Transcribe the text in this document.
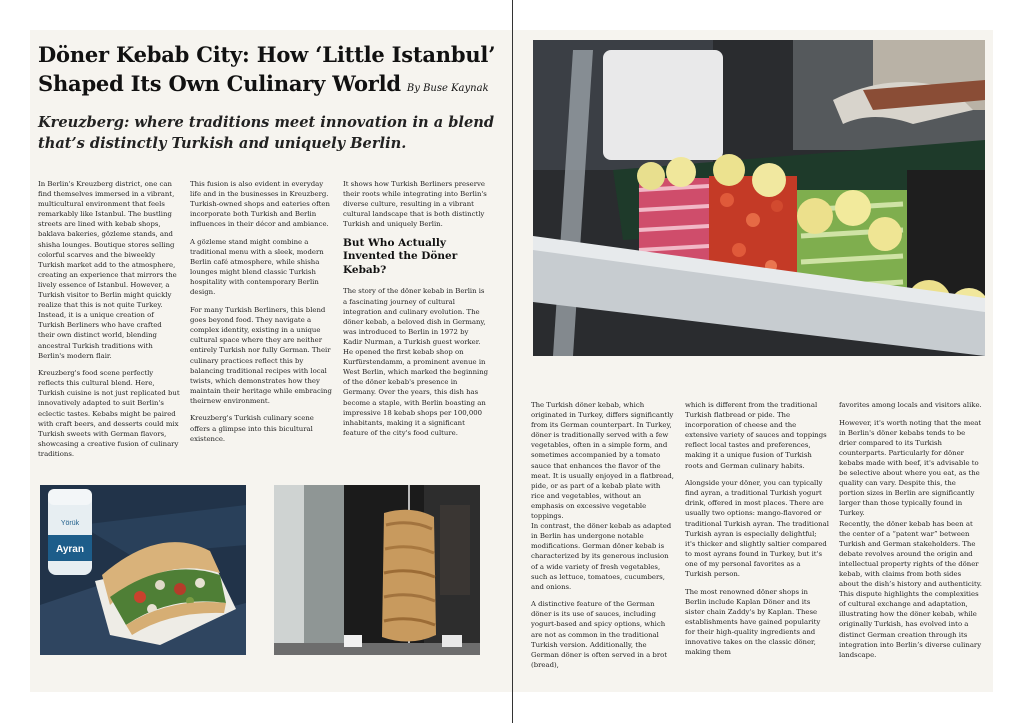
Döner Kebab City: How ‘Little Istanbul’ Shaped Its Own Culinary World By Buse Kaynak
Kreuzberg: where traditions meet innovation in a blend that’s distinctly Turkish and uniquely Berlin.

In Berlin's Kreuzberg district, one can find themselves immersed in a vibrant, multicultural environment that feels remarkably like Istanbul. The bustling streets are lined with kebab shops, baklava bakeries, gözleme stands, and shisha lounges. Boutique stores selling colorful scarves and the biweekly Turkish market add to the atmosphere, creating an experience that mirrors the lively essence of Istanbul. However, a Turkish visitor to Berlin might quickly realize that this is not quite Turkey. Instead, it is a unique creation of Turkish Berliners who have crafted their own distinct world, blending ancestral Turkish traditions with Berlin's modern flair.

Kreuzberg's food scene perfectly reflects this cultural blend. Here, Turkish cuisine is not just replicated but innovatively adapted to suit Berlin's eclectic tastes. Kebabs might be paired with craft beers, and desserts could mix Turkish sweets with German flavors, showcasing a creative fusion of culinary traditions.

This fusion is also evident in everyday life and in the businesses in Kreuzberg. Turkish-owned shops and eateries often incorporate both Turkish and Berlin influences in their décor and ambiance.

A gözleme stand might combine a traditional menu with a sleek, modern Berlin café atmosphere, while shisha lounges might blend classic Turkish hospitality with contemporary Berlin design.

For many Turkish Berliners, this blend goes beyond food. They navigate a complex identity, existing in a unique cultural space where they are neither entirely Turkish nor fully German. Their culinary practices reflect this by balancing traditional recipes with local twists, which demonstrates how they maintain their heritage while embracing theirnew environment.

Kreuzberg's Turkish culinary scene offers a glimpse into this bicultural existence.

It shows how Turkish Berliners preserve their roots while integrating into Berlin's diverse culture, resulting in a vibrant cultural landscape that is both distinctly Turkish and uniquely Berlin.

But Who Actually Invented the Döner Kebab?

The story of the döner kebab in Berlin is a fascinating journey of cultural integration and culinary evolution. The döner kebab, a beloved dish in Germany, was introduced to Berlin in 1972 by Kadir Nurman, a Turkish guest worker. He opened the first kebab shop on Kurfürstendamm, a prominent avenue in West Berlin, which marked the beginning of the döner kebab's presence in Germany. Over the years, this dish has become a staple, with Berlin boasting an impressive 18 kebab shops per 100,000 inhabitants, making it a significant feature of the city's food culture.

Yörük
Ayran

The Turkish döner kebab, which originated in Turkey, differs significantly from its German counterpart. In Turkey, döner is traditionally served with a few vegetables, often in a simple form, and sometimes accompanied by a tomato sauce that enhances the flavor of the meat. It is usually enjoyed in a flatbread, pide, or as part of a kebab plate with rice and vegetables, without an emphasis on excessive vegetable toppings.

In contrast, the döner kebab as adapted in Berlin has undergone notable modifications. German döner kebab is characterized by its generous inclusion of a wide variety of fresh vegetables, such as lettuce, tomatoes, cucumbers, and onions.

A distinctive feature of the German döner is its use of sauces, including yogurt-based and spicy options, which are not as common in the traditional Turkish version. Additionally, the German döner is often served in a brot (bread),

which is different from the traditional Turkish flatbread or pide. The incorporation of cheese and the extensive variety of sauces and toppings reflect local tastes and preferences, making it a unique fusion of Turkish roots and German culinary habits.

Alongside your döner, you can typically find ayran, a traditional Turkish yogurt drink, offered in most places. There are usually two options: mango-flavored or traditional Turkish ayran. The traditional Turkish ayran is especially delightful; it's thicker and slightly saltier compared to most ayrans found in Turkey, but it's one of my personal favorites as a Turkish person.

The most renowned döner shops in Berlin include Kaplan Döner and its sister chain Zaddy's by Kaplan. These establishments have gained popularity for their high-quality ingredients and innovative takes on the classic döner, making them

favorites among locals and visitors alike.

However, it's worth noting that the meat in Berlin's döner kebabs tends to be drier compared to its Turkish counterparts. Particularly for döner kebabs made with beef, it's advisable to be selective about where you eat, as the quality can vary. Despite this, the portion sizes in Berlin are significantly larger than those typically found in Turkey.

Recently, the döner kebab has been at the center of a “patent war” between Turkish and German stakeholders. The debate revolves around the origin and intellectual property rights of the döner kebab, with claims from both sides about the dish’s history and authenticity. This dispute highlights the complexities of cultural exchange and adaptation, illustrating how the döner kebab, while originally Turkish, has evolved into a distinct German creation through its integration into Berlin’s diverse culinary landscape.
